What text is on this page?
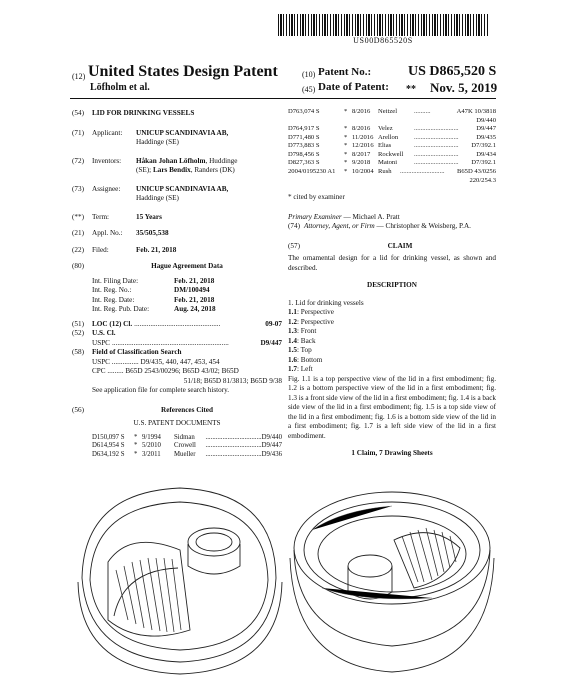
US00D865520S
(12) United States Design Patent
Löfholm et al.
(10) Patent No.:	US D865,520 S
(45) Date of Patent: ** Nov. 5, 2019
(54)	LID FOR DRINKING VESSELS
(71)	Applicant:	UNICUP SCANDINAVIA AB,
Haddinge (SE)
(72)	Inventors:	Håkan Johan Löfholm, Huddinge
(SE); Lars Bendix, Randers (DK)
(73)	Assignee:	UNICUP SCANDINAVIA AB,
Haddinge (SE)
(**)	Term:	15 Years
(21)	Appl. No.:	35/505,538
(22)	Filed:	Feb. 21, 2018
(80)	Hague Agreement Data
Int. Filing Date:	Feb. 21, 2018
Int. Reg. No.:	DM/100494
Int. Reg. Date:	Feb. 21, 2018
Int. Reg. Pub. Date:	Aug. 24, 2018
(51)	LOC (12) Cl. ................................................	09-07
(52)	U.S. Cl.
USPC .................................................................	D9/447
(58)	Field of Classification Search
USPC ............... D9/435, 440, 447, 453, 454
CPC ......... B65D 2543/00296; B65D 43/02; B65D
51/18; B65D 81/3813; B65D 9/38
See application file for complete search history.
(56)	References Cited
U.S. PATENT DOCUMENTS
D150,097 S	* 9/1994	Sidman	................................. D9/440
D614,954 S	* 5/2010	Crowell	................................. D9/447
D634,192 S	* 3/2011	Mueller	................................. D9/436
D763,074 S	* 8/2016	Neitzel	..........	A47K 10/3818
D9/440
D764,917 S	* 8/2016	Velez	...........................	D9/447
D771,480 S	* 11/2016 Arellon	...........................	D9/435
D773,883 S	* 12/2016 Elias	...........................	D7/392.1
D798,456 S	* 8/2017	Rockwell	...........................	D9/434
D827,363 S	* 9/2018	Matoni	...........................	D7/392.1
2004/0195230 A1	* 10/2004 Rush	...........................	B65D 43/0256
220/254.3
* cited by examiner
Primary Examiner — Michael A. Pratt
(74) Attorney, Agent, or Firm — Christopher & Weisberg, P.A.
(57)	CLAIM
The ornamental design for a lid for drinking vessel, as shown and described.
DESCRIPTION
1. Lid for drinking vessels
1.1: Perspective
1.2: Perspective
1.3: Front
1.4: Back
1.5: Top
1.6: Bottom
1.7: Left
Fig. 1.1 is a top perspective view of the lid in a first embodiment; fig. 1.2 is a bottom perspective view of the lid in a first embodiment; fig. 1.3 is a front side view of the lid in a first embodiment; fig. 1.4 is a back side view of the lid in a first embodiment; fig. 1.5 is a top side view of the lid in a first embodiment; fig. 1.6 is a bottom side view of the lid in a first embodiment; fig. 1.7 is a left side view of the lid in a first embodiment.
1 Claim, 7 Drawing Sheets
